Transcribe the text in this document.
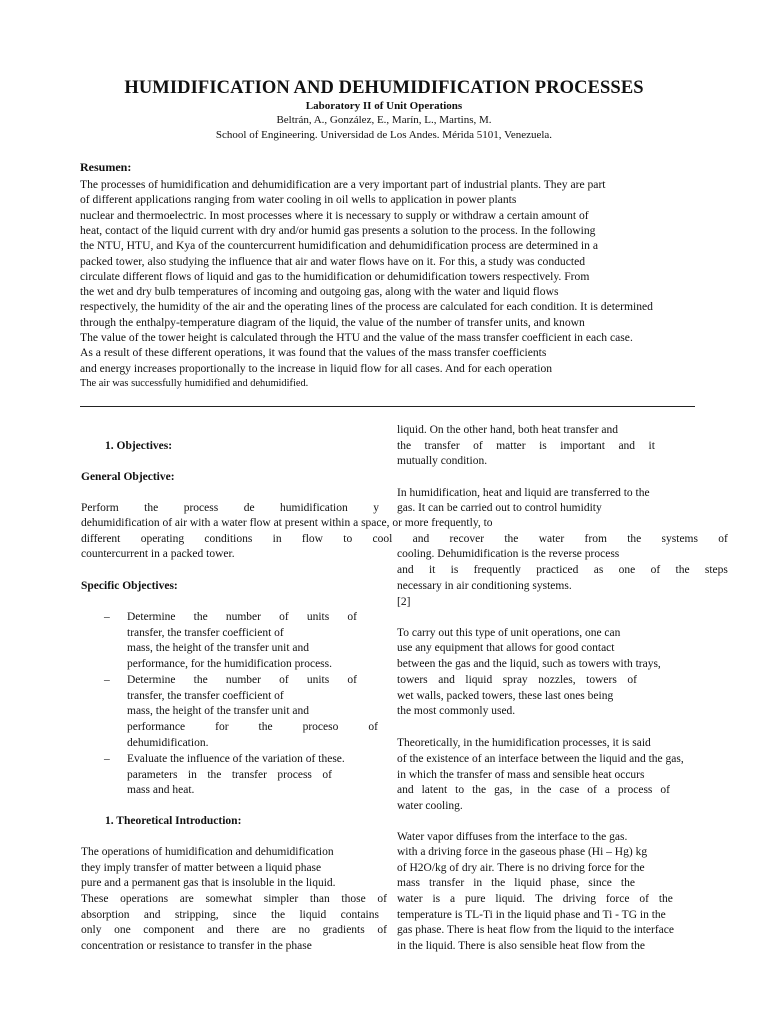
HUMIDIFICATION AND DEHUMIDIFICATION PROCESSES
Laboratory II of Unit Operations
Beltrán, A., González, E., Marín, L., Martins, M.
School of Engineering. Universidad de Los Andes. Mérida 5101, Venezuela.
Resumen:
The processes of humidification and dehumidification are a very important part of industrial plants. They are part
of different applications ranging from water cooling in oil wells to application in power plants
nuclear and thermoelectric. In most processes where it is necessary to supply or withdraw a certain amount of
heat, contact of the liquid current with dry and/or humid gas presents a solution to the process. In the following
the NTU, HTU, and Kya of the countercurrent humidification and dehumidification process are determined in a
packed tower, also studying the influence that air and water flows have on it. For this, a study was conducted
circulate different flows of liquid and gas to the humidification or dehumidification towers respectively. From
the wet and dry bulb temperatures of incoming and outgoing gas, along with the water and liquid flows
respectively, the humidity of the air and the operating lines of the process are calculated for each condition. It is determined
through the enthalpy-temperature diagram of the liquid, the value of the number of transfer units, and known
The value of the tower height is calculated through the HTU and the value of the mass transfer coefficient in each case.
As a result of these different operations, it was found that the values of the mass transfer coefficients
and energy increases proportionally to the increase in liquid flow for all cases. And for each operation
The air was successfully humidified and dehumidified.
1. Objectives:
General Objective:
Perform the process de humidification y
dehumidification of air with a water flow at present within a space, or more frequently, to
different operating conditions in flow to cool and recover the water from the systems of
countercurrent in a packed tower.
Specific Objectives:
– Determine the number of units of
transfer, the transfer coefficient of
mass, the height of the transfer unit and
performance, for the humidification process.
– Determine the number of units of
transfer, the transfer coefficient of
mass, the height of the transfer unit and
performance	for	the	proceso	of
dehumidification.
– Evaluate the influence of the variation of these.
parameters in the transfer process of
mass and heat.
1. Theoretical Introduction:
The operations of humidification and dehumidification
they imply transfer of matter between a liquid phase
pure and a permanent gas that is insoluble in the liquid.
These operations are somewhat simpler than those of
absorption and stripping, since the liquid contains
only one component and there are no gradients of
concentration or resistance to transfer in the phase
liquid. On the other hand, both heat transfer and
the transfer of matter is important and it
mutually condition.
In humidification, heat and liquid are transferred to the
gas. It can be carried out to control humidity
cooling. Dehumidification is the reverse process
and it is frequently practiced as one of the steps
necessary in air conditioning systems.
[2]
To carry out this type of unit operations, one can
use any equipment that allows for good contact
between the gas and the liquid, such as towers with trays,
towers and liquid spray nozzles, towers of
wet walls, packed towers, these last ones being
the most commonly used.
Theoretically, in the humidification processes, it is said
of the existence of an interface between the liquid and the gas,
in which the transfer of mass and sensible heat occurs
and latent to the gas, in the case of a process of
water cooling.
Water vapor diffuses from the interface to the gas.
with a driving force in the gaseous phase (Hi – Hg) kg
of H2O/kg of dry air. There is no driving force for the
mass transfer in the liquid phase, since the
water is a pure liquid. The driving force of the
temperature is TL-Ti in the liquid phase and Ti - TG in the
gas phase. There is heat flow from the liquid to the interface
in the liquid. There is also sensible heat flow from the
